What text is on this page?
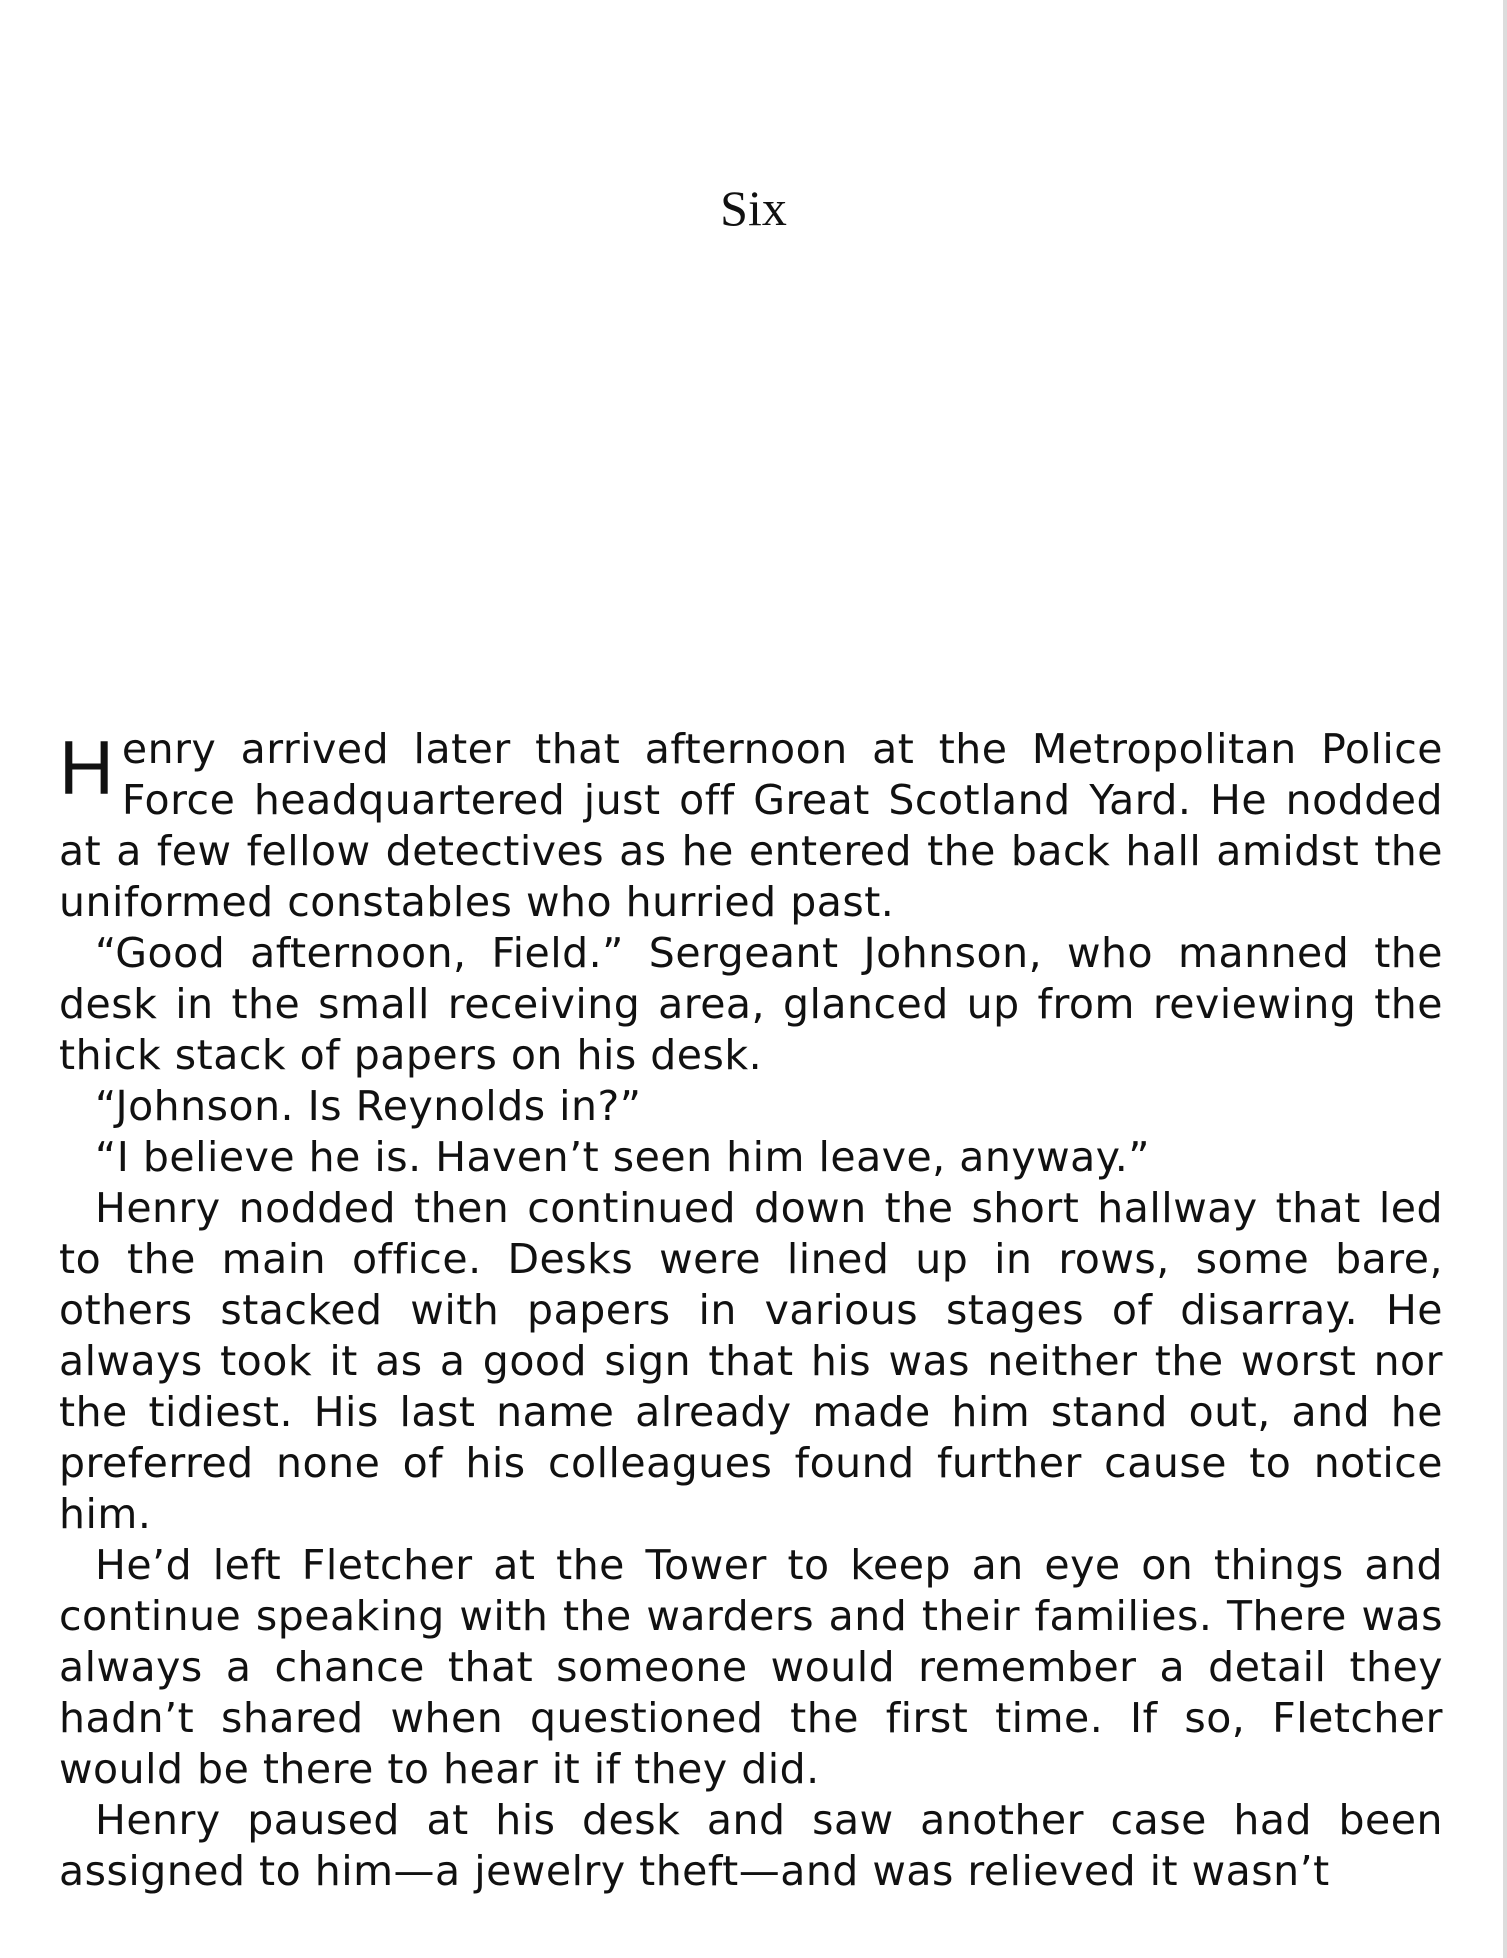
Six

Henry arrived later that afternoon at the Metropolitan Police Force headquartered just off Great Scotland Yard. He nodded at a few fellow detectives as he entered the back hall amidst the uniformed constables who hurried past.

“Good afternoon, Field.” Sergeant Johnson, who manned the desk in the small receiving area, glanced up from reviewing the thick stack of papers on his desk.

“Johnson. Is Reynolds in?”

“I believe he is. Haven’t seen him leave, anyway.”

Henry nodded then continued down the short hallway that led to the main office. Desks were lined up in rows, some bare, others stacked with papers in various stages of disarray. He always took it as a good sign that his was neither the worst nor the tidiest. His last name already made him stand out, and he preferred none of his colleagues found further cause to notice him.

He’d left Fletcher at the Tower to keep an eye on things and continue speaking with the warders and their families. There was always a chance that someone would remember a detail they hadn’t shared when questioned the first time. If so, Fletcher would be there to hear it if they did.

Henry paused at his desk and saw another case had been assigned to him—a jewelry theft—and was relieved it wasn’t
